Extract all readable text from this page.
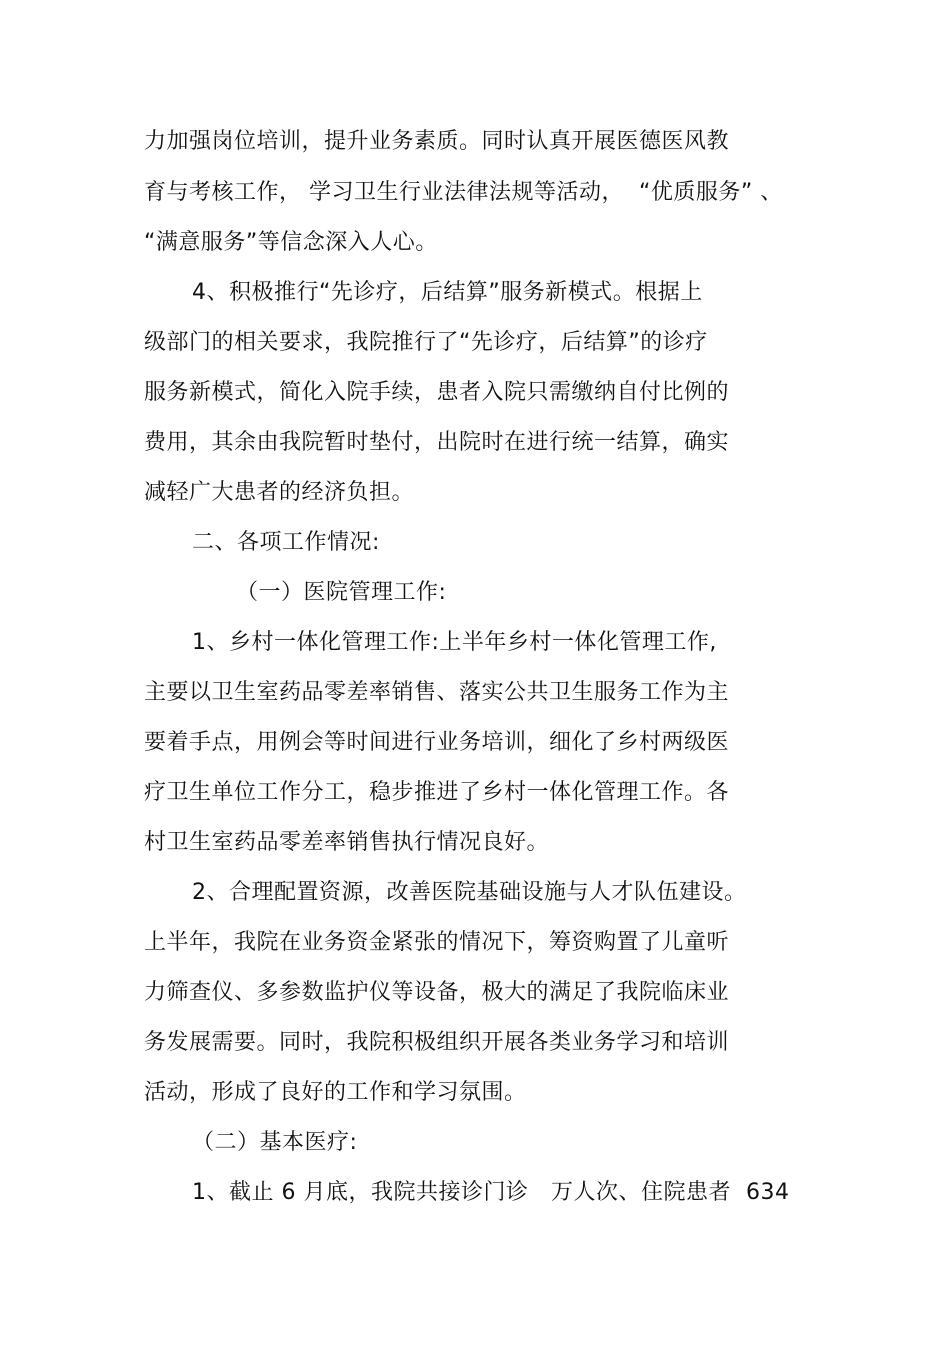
力加强岗位培训，提升业务素质。同时认真开展医德医风教
育与考核工作， 学习卫生行业法律法规等活动，  “优质服务” 、
“满意服务”等信念深入人心。
4、积极推行“先诊疗，后结算”服务新模式。根据上
级部门的相关要求，我院推行了“先诊疗，后结算”的诊疗
服务新模式，简化入院手续，患者入院只需缴纳自付比例的
费用，其余由我院暂时垫付，出院时在进行统一结算，确实
减轻广大患者的经济负担。
二、各项工作情况:
（一）医院管理工作:
1、乡村一体化管理工作:上半年乡村一体化管理工作,
主要以卫生室药品零差率销售、落实公共卫生服务工作为主
要着手点，用例会等时间进行业务培训，细化了乡村两级医
疗卫生单位工作分工，稳步推进了乡村一体化管理工作。各
村卫生室药品零差率销售执行情况良好。
2、合理配置资源，改善医院基础设施与人才队伍建设。
上半年，我院在业务资金紧张的情况下，筹资购置了儿童听
力筛查仪、多参数监护仪等设备，极大的满足了我院临床业
务发展需要。同时，我院积极组织开展各类业务学习和培训
活动，形成了良好的工作和学习氛围。
（二）基本医疗:
1、截止 6 月底，我院共接诊门诊   万人次、住院患者  634
